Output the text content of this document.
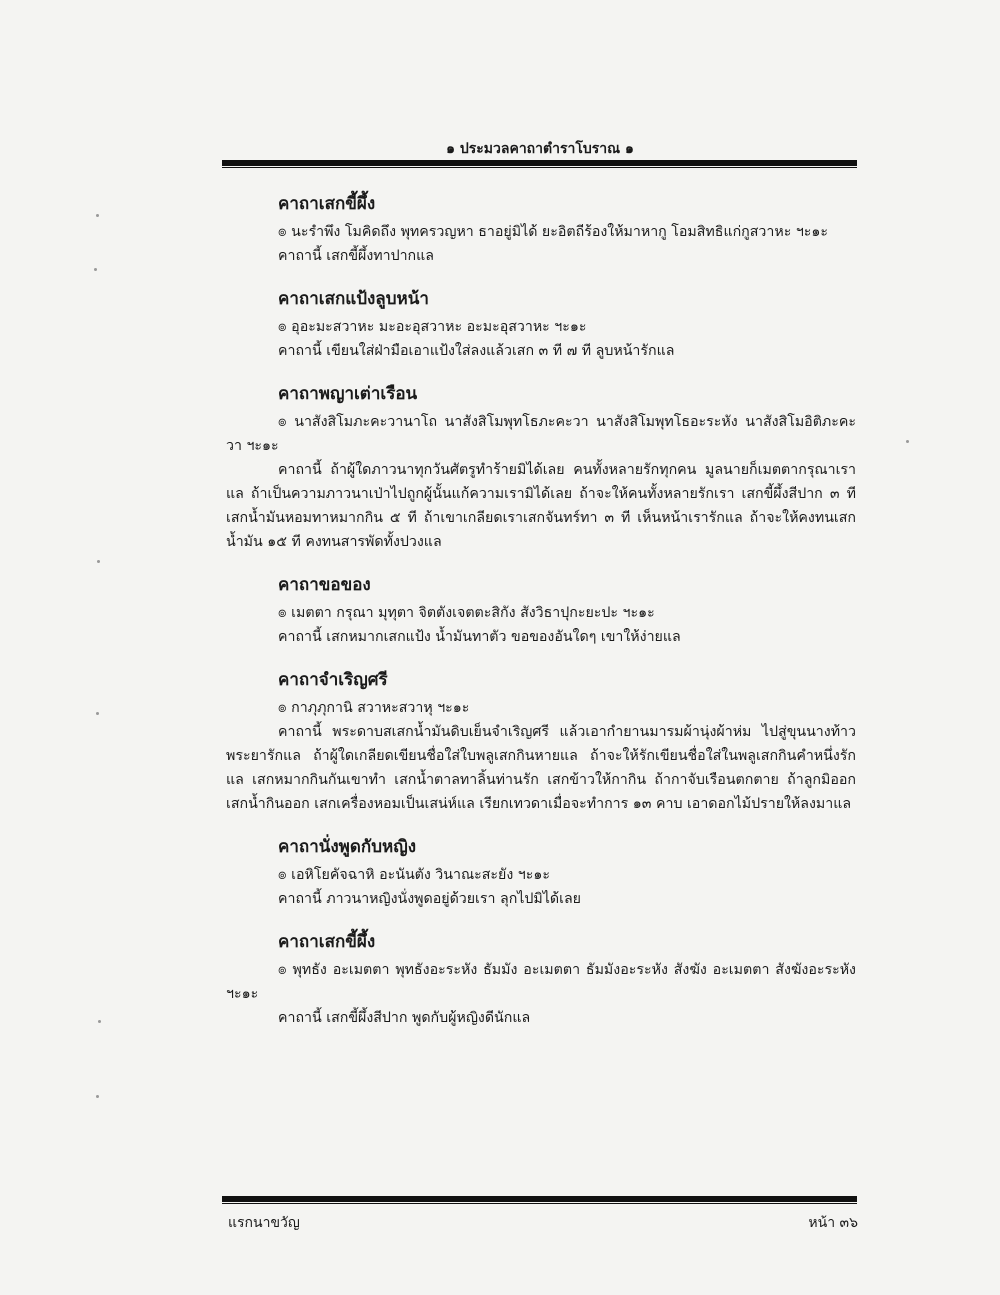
๑ ประมวลคาถาตำราโบราณ ๑
คาถาเสกขี้ผึ้ง
๏ นะรำพึง โมคิดถึง พุทครวญหา ธาอยู่มิได้ ยะอิตถีร้องให้มาหากู โอมสิทธิแก่กูสวาหะ ฯะ๑ะ
คาถานี้ เสกขี้ผึ้งทาปากแล
คาถาเสกแป้งลูบหน้า
๏ อุอะมะสวาหะ มะอะอุสวาหะ อะมะอุสวาหะ ฯะ๑ะ
คาถานี้ เขียนใส่ฝ่ามือเอาแป้งใส่ลงแล้วเสก ๓ ที ๗ ที ลูบหน้ารักแล
คาถาพญาเต่าเรือน
๏ นาสังสิโมภะคะวานาโถ นาสังสิโมพุทโธภะคะวา นาสังสิโมพุทโธอะระหัง นาสังสิโมอิติภะคะวา ฯะ๑ะ
คาถานี้ ถ้าผู้ใดภาวนาทุกวันศัตรูทำร้ายมิได้เลย คนทั้งหลายรักทุกคน มูลนายก็เมตตากรุณาเราแล ถ้าเป็นความภาวนาเป่าไปถูกผู้นั้นแก้ความเรามิได้เลย ถ้าจะให้คนทั้งหลายรักเรา เสกขี้ผึ้งสีปาก ๓ ที เสกน้ำมันหอมทาหมากกิน ๕ ที ถ้าเขาเกลียดเราเสกจันทร์ทา ๓ ที เห็นหน้าเรารักแล ถ้าจะให้คงทนเสกน้ำมัน ๑๕ ที คงทนสารพัดทั้งปวงแล
คาถาขอของ
๏ เมตตา กรุณา มุทุตา จิตตังเจตตะสิกัง สังวิธาปุกะยะปะ ฯะ๑ะ
คาถานี้ เสกหมากเสกแป้ง น้ำมันทาตัว ขอของอันใดๆ เขาให้ง่ายแล
คาถาจำเริญศรี
๏ กาภุภุกานิ สวาหะสวาหุ ฯะ๑ะ
คาถานี้ พระดาบสเสกน้ำมันดิบเย็นจำเริญศรี แล้วเอากำยานมารมผ้านุ่งผ้าห่ม ไปสู่ขุนนางท้าวพระยารักแล ถ้าผู้ใดเกลียดเขียนชื่อใส่ใบพลูเสกกินหายแล ถ้าจะให้รักเขียนชื่อใส่ในพลูเสกกินคำหนึ่งรักแล เสกหมากกินกันเขาทำ เสกน้ำตาลทาลิ้นท่านรัก เสกข้าวให้กากิน ถ้ากาจับเรือนตกตาย ถ้าลูกมิออก เสกน้ำกินออก เสกเครื่องหอมเป็นเสน่ห์แล เรียกเทวดาเมื่อจะทำการ ๑๓ คาบ เอาดอกไม้ปรายให้ลงมาแล
คาถานั่งพูดกับหญิง
๏ เอหิโยคัจฉาหิ อะนันตัง วินาณะสะยัง ฯะ๑ะ
คาถานี้ ภาวนาหญิงนั่งพูดอยู่ด้วยเรา ลุกไปมิได้เลย
คาถาเสกขี้ผึ้ง
๏ พุทธัง อะเมตตา พุทธังอะระหัง ธัมมัง อะเมตตา ธัมมังอะระหัง สังฆัง อะเมตตา สังฆังอะระหัง ฯะ๑ะ
คาถานี้ เสกขี้ผึ้งสีปาก พูดกับผู้หญิงดีนักแล
แรกนาขวัญ	หน้า ๓๖
